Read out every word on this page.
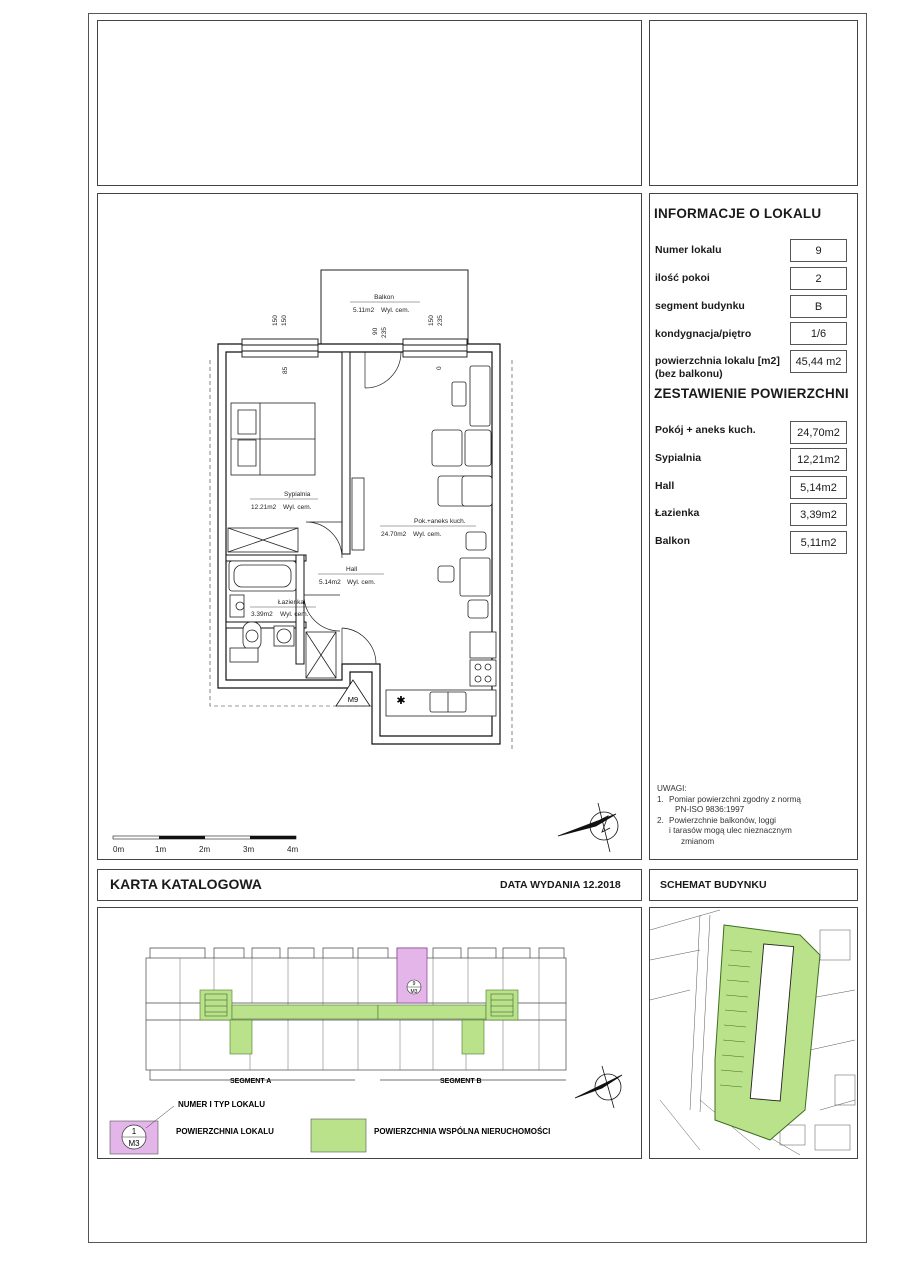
INFORMACJE O LOKALU
Numer lokalu	9
ilość pokoi	2
segment budynku	B
kondygnacja/piętro	1/6
powierzchnia lokalu [m2]
(bez balkonu)
45,44 m2
ZESTAWIENIE POWIERZCHNI
Pokój + aneks kuch.	24,70m2
Sypialnia	12,21m2
Hall	5,14m2
Łazienka	3,39m2
Balkon	5,11m2
UWAGI:
1. Pomiar powierzchni zgodny z normą
PN-ISO 9836:1997
2. Powierzchnie balkonów, loggi
i tarasów mogą ulec nieznacznym
zmianom
KARTA KATALOGOWA	DATA WYDANIA 12.2018	SCHEMAT BUDYNKU
✱
M9
Balkon
5.11m2 Wyl. cem.
Sypialnia
12.21m2 Wyl. cem.
Pok.+aneks kuch.
24.70m2 Wyl. cem.
Hall
5.14m2 Wyl. cem.
Łazienka
3.39m2 Wyl. cem.
150 150
85
90 235
150 235
0
0m	1m	2m	3m	4m
9
M3
SEGMENT A	SEGMENT B
1
M3
NUMER I TYP LOKALU
POWIERZCHNIA LOKALU	POWIERZCHNIA WSPÓLNA NIERUCHOMOŚCI
